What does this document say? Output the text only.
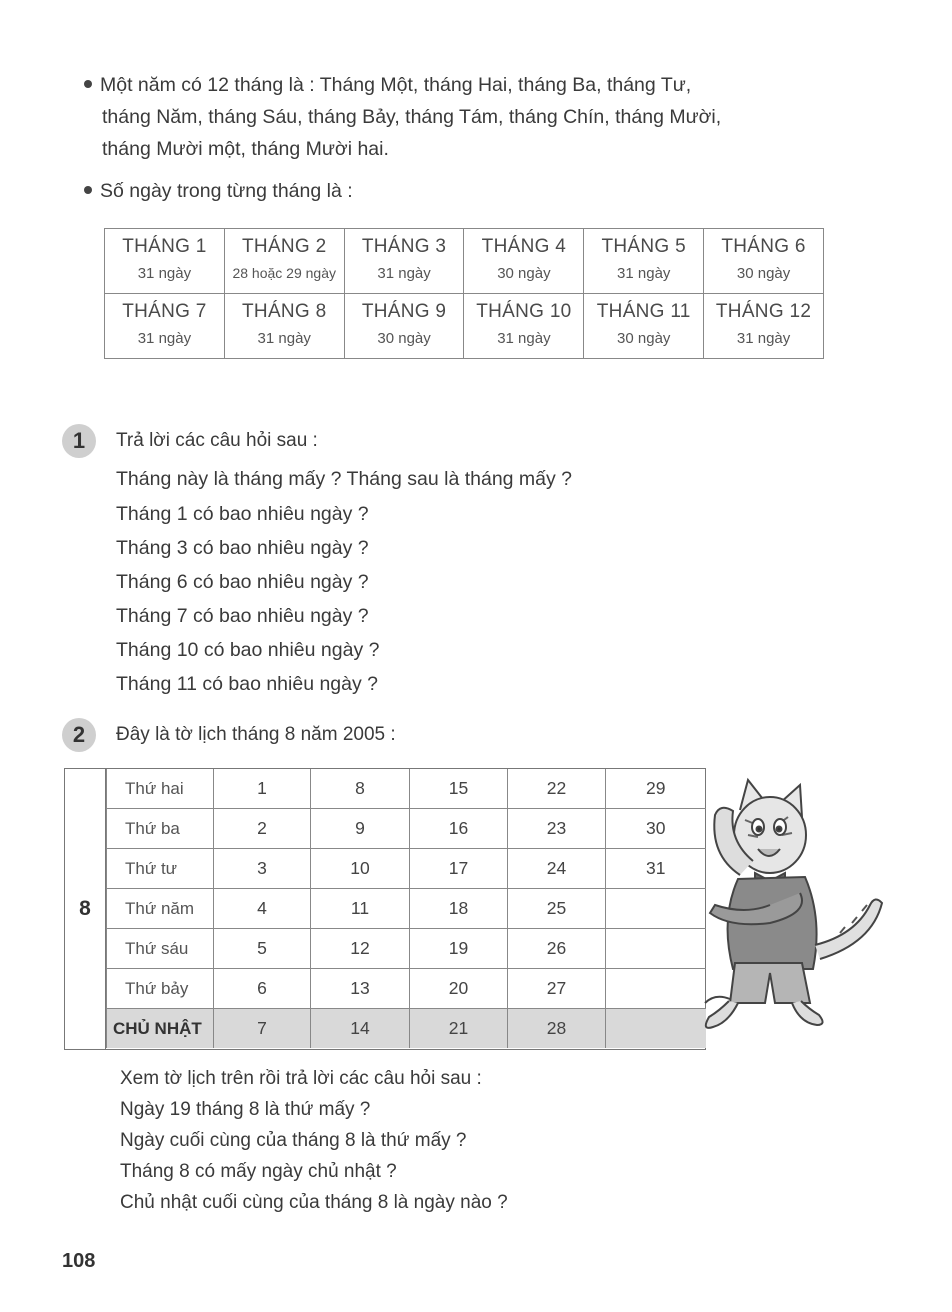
Một năm có 12 tháng là : Tháng Một, tháng Hai, tháng Ba, tháng Tư,
tháng Năm, tháng Sáu, tháng Bảy, tháng Tám, tháng Chín, tháng Mười,
tháng Mười một, tháng Mười hai.
Số ngày trong từng tháng là :
THÁNG 1
31 ngày	THÁNG 2
28 hoặc 29 ngày	THÁNG 3
31 ngày	THÁNG 4
30 ngày	THÁNG 5
31 ngày	THÁNG 6
30 ngày

THÁNG 7
31 ngày	THÁNG 8
31 ngày	THÁNG 9
30 ngày	THÁNG 10
31 ngày	THÁNG 11
30 ngày	THÁNG 12
31 ngày
1	Trả lời các câu hỏi sau :
Tháng này là tháng mấy ? Tháng sau là tháng mấy ?
Tháng 1 có bao nhiêu ngày ?
Tháng 3 có bao nhiêu ngày ?
Tháng 6 có bao nhiêu ngày ?
Tháng 7 có bao nhiêu ngày ?
Tháng 10 có bao nhiêu ngày ?
Tháng 11 có bao nhiêu ngày ?
2	Đây là tờ lịch tháng 8 năm 2005 :
8
Thứ hai	1	8	15	22	29
Thứ ba	2	9	16	23	30
Thứ tư	3	10	17	24	31
Thứ năm	4	11	18	25	
Thứ sáu	5	12	19	26	
Thứ bảy	6	13	20	27	
CHỦ NHẬT	7	14	21	28	
Xem tờ lịch trên rồi trả lời các câu hỏi sau :
Ngày 19 tháng 8 là thứ mấy ?
Ngày cuối cùng của tháng 8 là thứ mấy ?
Tháng 8 có mấy ngày chủ nhật ?
Chủ nhật cuối cùng của tháng 8 là ngày nào ?
108
